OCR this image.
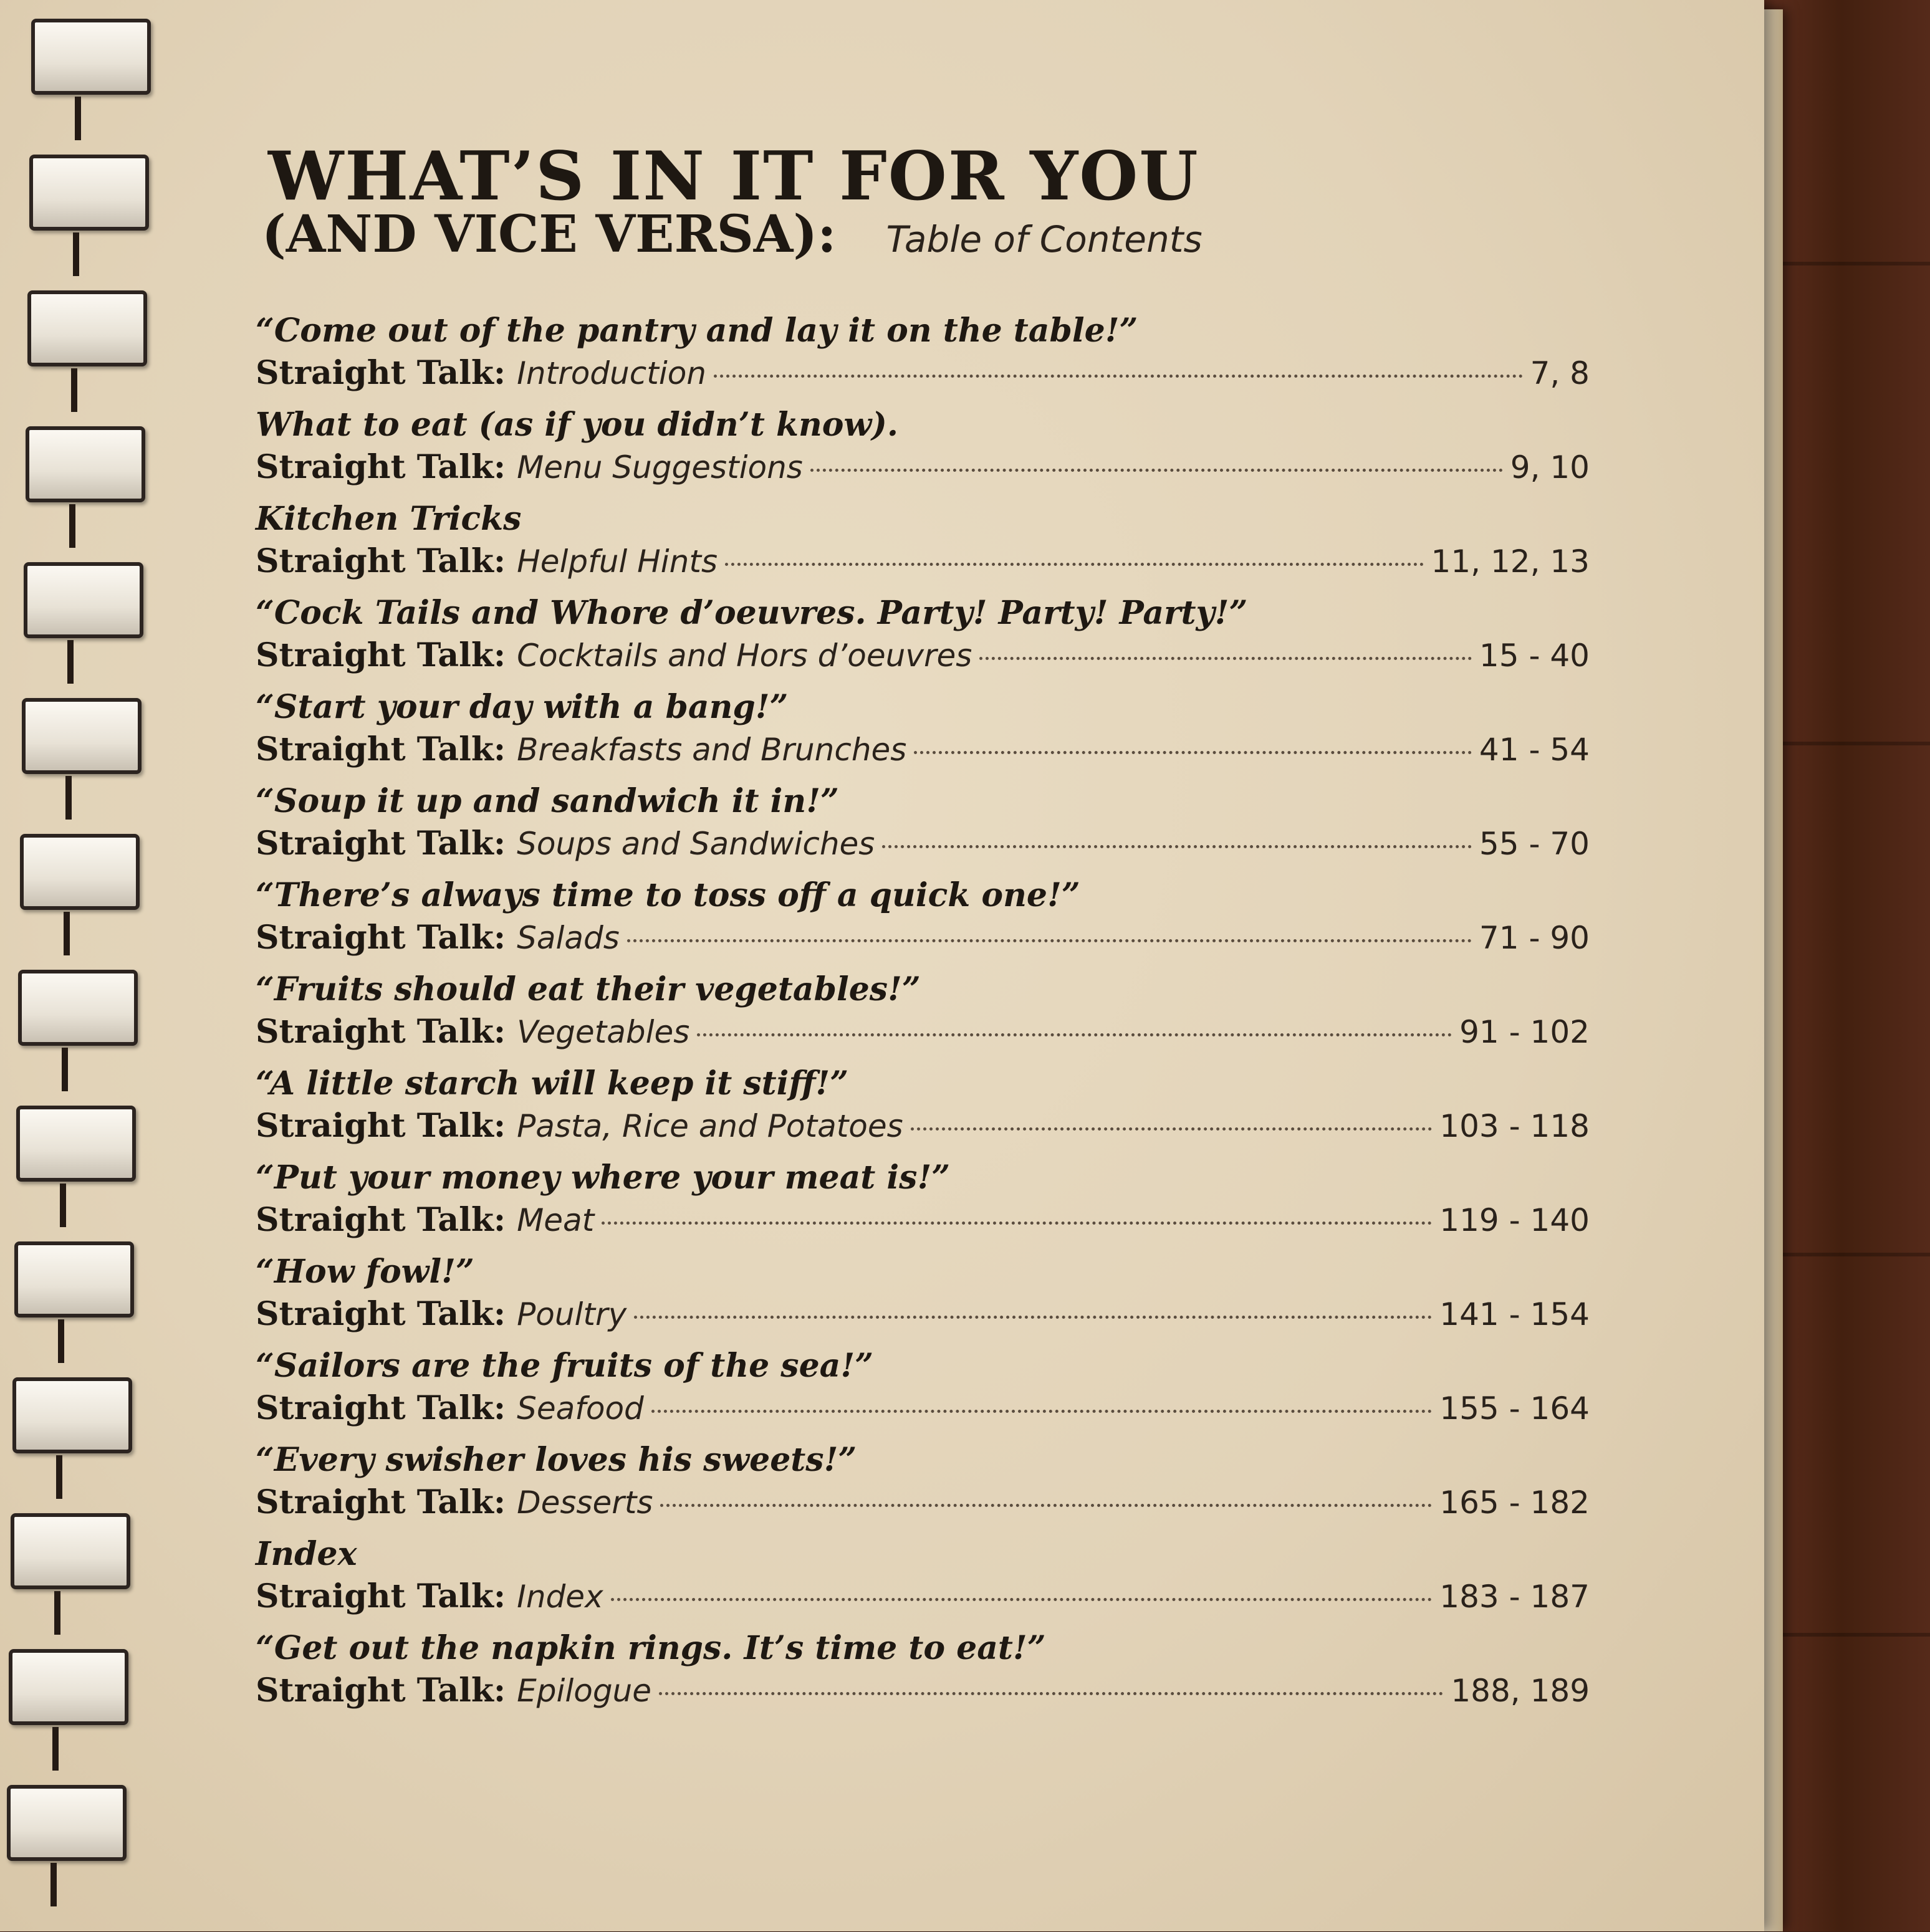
WHAT’S IN IT FOR YOU
(AND VICE VERSA): Table of Contents

“Come out of the pantry and lay it on the table!”

Straight Talk: Introduction	7, 8

What to eat (as if you didn’t know).

Straight Talk: Menu Suggestions	9, 10

Kitchen Tricks

Straight Talk: Helpful Hints	11, 12, 13

“Cock Tails and Whore d’oeuvres. Party! Party! Party!”

Straight Talk: Cocktails and Hors d’oeuvres	15 - 40

“Start your day with a bang!”

Straight Talk: Breakfasts and Brunches	41 - 54

“Soup it up and sandwich it in!”

Straight Talk: Soups and Sandwiches	55 - 70

“There’s always time to toss off a quick one!”

Straight Talk: Salads	71 - 90

“Fruits should eat their vegetables!”

Straight Talk: Vegetables	91 - 102

“A little starch will keep it stiff!”

Straight Talk: Pasta, Rice and Potatoes	103 - 118

“Put your money where your meat is!”

Straight Talk: Meat	119 - 140

“How fowl!”

Straight Talk: Poultry	141 - 154

“Sailors are the fruits of the sea!”

Straight Talk: Seafood	155 - 164

“Every swisher loves his sweets!”

Straight Talk: Desserts	165 - 182

Index

Straight Talk: Index	183 - 187

“Get out the napkin rings. It’s time to eat!”

Straight Talk: Epilogue	188, 189
